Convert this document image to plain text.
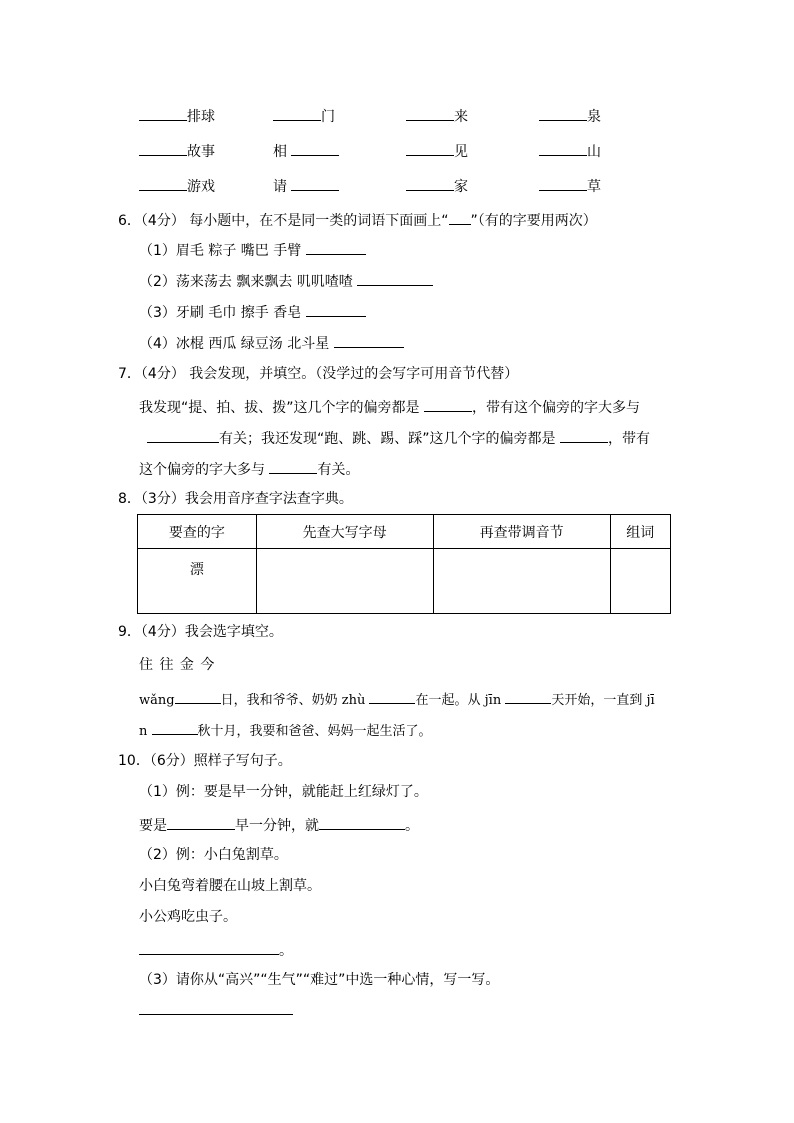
排球	门	来	泉
故事	相	见	山
游戏	请	家	草
6．（4分） 每小题中，在不是同一类的词语下面画上“ ”（有的字要用两次）
（1）眉毛 粽子 嘴巴 手臂
（2）荡来荡去 飘来飘去 叽叽喳喳
（3）牙刷 毛巾 擦手 香皂
（4）冰棍 西瓜 绿豆汤 北斗星
7．（4分） 我会发现，并填空。（没学过的会写字可用音节代替）
我发现“提、拍、拔、拨”这几个字的偏旁都是	，带有这个偏旁的字大多与
有关；我还发现“跑、跳、踢、踩”这几个字的偏旁都是	，带有
这个偏旁的字大多与	有关。
8．（3分）我会用音序查字法查字典。
要查的字	先查大写字母	再查带调音节	组词
漂			
9．（4分）我会选字填空。
住 往 金 今
wǎng	日，我和爷爷、奶奶 zhù	在一起。从 jīn	天开始，一直到 jī
n	秋十月，我要和爸爸、妈妈一起生活了。
10．（6分）照样子写句子。
（1）例：要是早一分钟，就能赶上红绿灯了。
要是	早一分钟，就	。
（2）例：小白兔割草。
小白兔弯着腰在山坡上割草。
小公鸡吃虫子。
。
（3）请你从“高兴”“生气”“难过”中选一种心情，写一写。
